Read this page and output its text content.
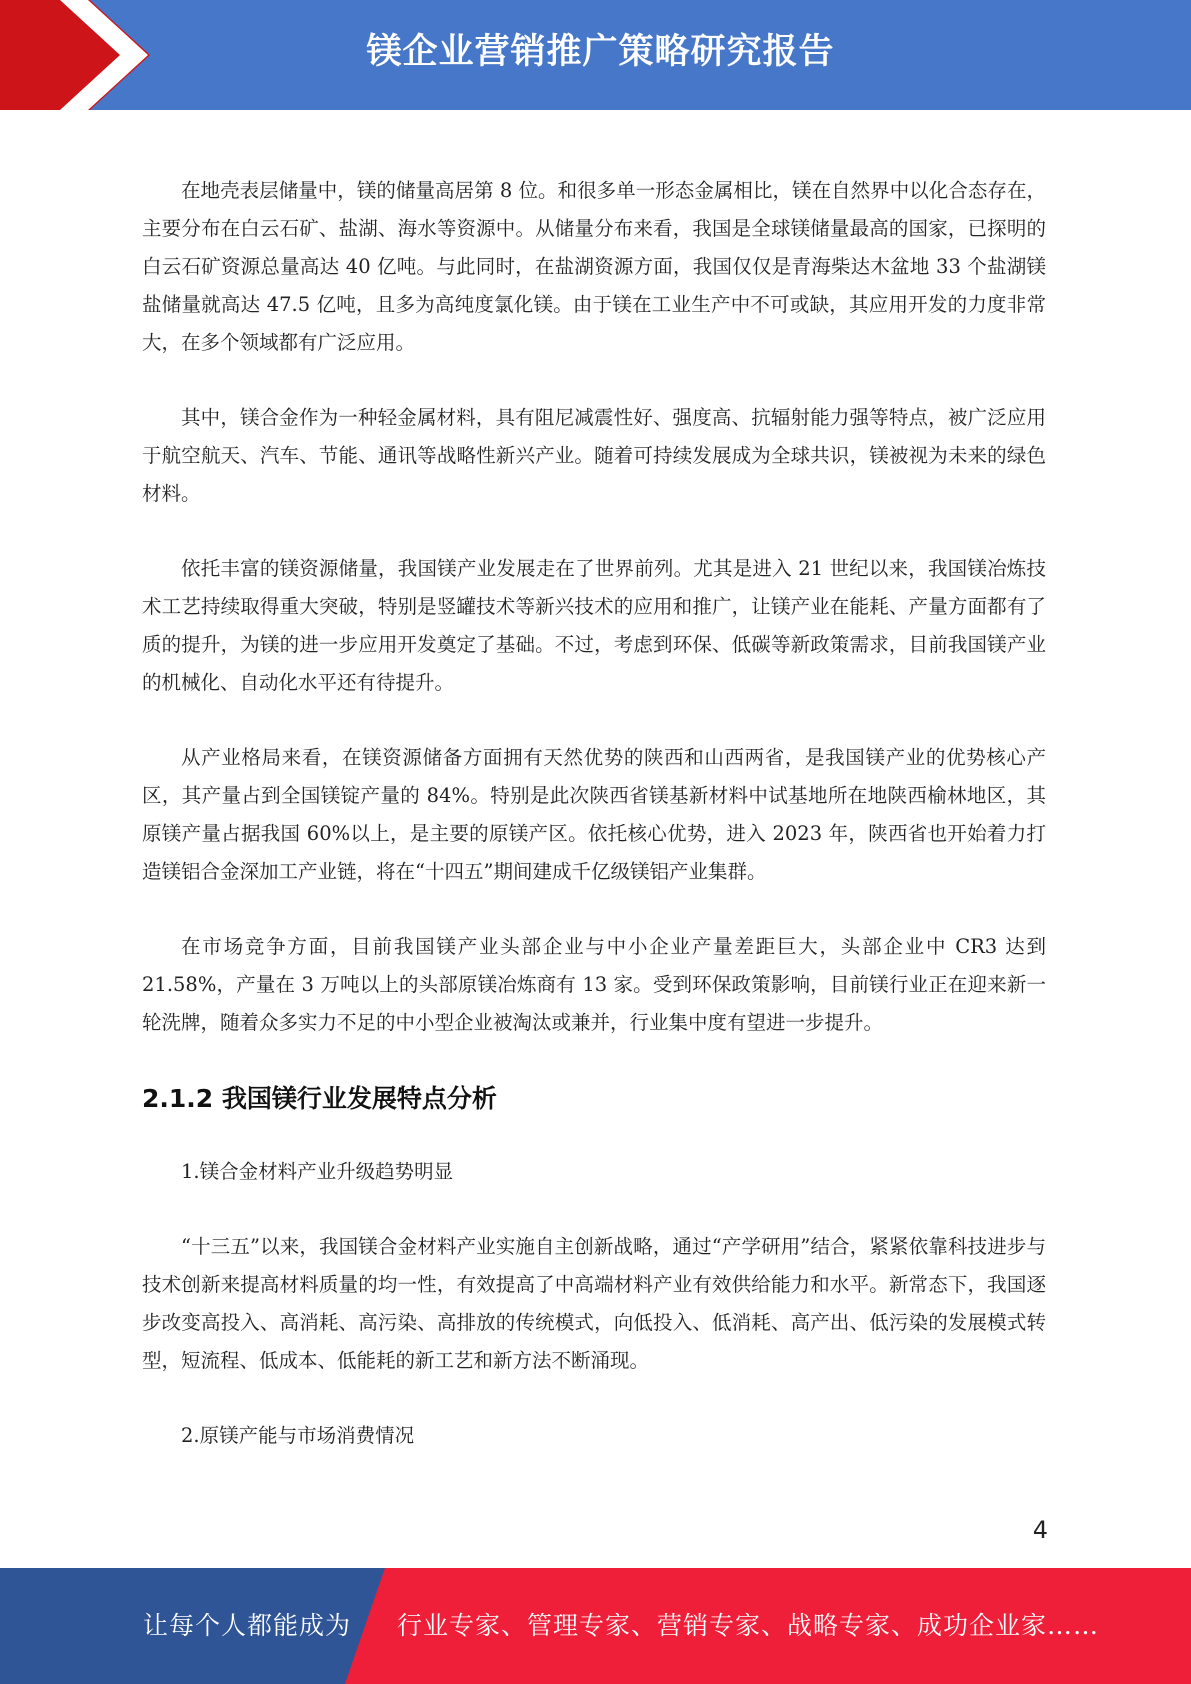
镁企业营销推广策略研究报告

在地壳表层储量中，镁的储量高居第 8 位。和很多单一形态金属相比，镁在自然界中以化合态存在，主要分布在白云石矿、盐湖、海水等资源中。从储量分布来看，我国是全球镁储量最高的国家，已探明的白云石矿资源总量高达 40 亿吨。与此同时，在盐湖资源方面，我国仅仅是青海柴达木盆地 33 个盐湖镁盐储量就高达 47.5 亿吨，且多为高纯度氯化镁。由于镁在工业生产中不可或缺，其应用开发的力度非常大，在多个领域都有广泛应用。

其中，镁合金作为一种轻金属材料，具有阻尼减震性好、强度高、抗辐射能力强等特点，被广泛应用于航空航天、汽车、节能、通讯等战略性新兴产业。随着可持续发展成为全球共识，镁被视为未来的绿色材料。

依托丰富的镁资源储量，我国镁产业发展走在了世界前列。尤其是进入 21 世纪以来，我国镁冶炼技术工艺持续取得重大突破，特别是竖罐技术等新兴技术的应用和推广，让镁产业在能耗、产量方面都有了质的提升，为镁的进一步应用开发奠定了基础。不过，考虑到环保、低碳等新政策需求，目前我国镁产业的机械化、自动化水平还有待提升。

从产业格局来看，在镁资源储备方面拥有天然优势的陕西和山西两省，是我国镁产业的优势核心产区，其产量占到全国镁锭产量的 84%。特别是此次陕西省镁基新材料中试基地所在地陕西榆林地区，其原镁产量占据我国 60%以上，是主要的原镁产区。依托核心优势，进入 2023 年，陕西省也开始着力打造镁铝合金深加工产业链，将在“十四五”期间建成千亿级镁铝产业集群。

在市场竞争方面，目前我国镁产业头部企业与中小企业产量差距巨大，头部企业中 CR3 达到 21.58%，产量在 3 万吨以上的头部原镁冶炼商有 13 家。受到环保政策影响，目前镁行业正在迎来新一轮洗牌，随着众多实力不足的中小型企业被淘汰或兼并，行业集中度有望进一步提升。

2.1.2 我国镁行业发展特点分析

1.镁合金材料产业升级趋势明显

“十三五”以来，我国镁合金材料产业实施自主创新战略，通过“产学研用”结合，紧紧依靠科技进步与技术创新来提高材料质量的均一性，有效提高了中高端材料产业有效供给能力和水平。新常态下，我国逐步改变高投入、高消耗、高污染、高排放的传统模式，向低投入、低消耗、高产出、低污染的发展模式转型，短流程、低成本、低能耗的新工艺和新方法不断涌现。

2.原镁产能与市场消费情况

4
让每个人都能成为 行业专家、管理专家、营销专家、战略专家、成功企业家……
